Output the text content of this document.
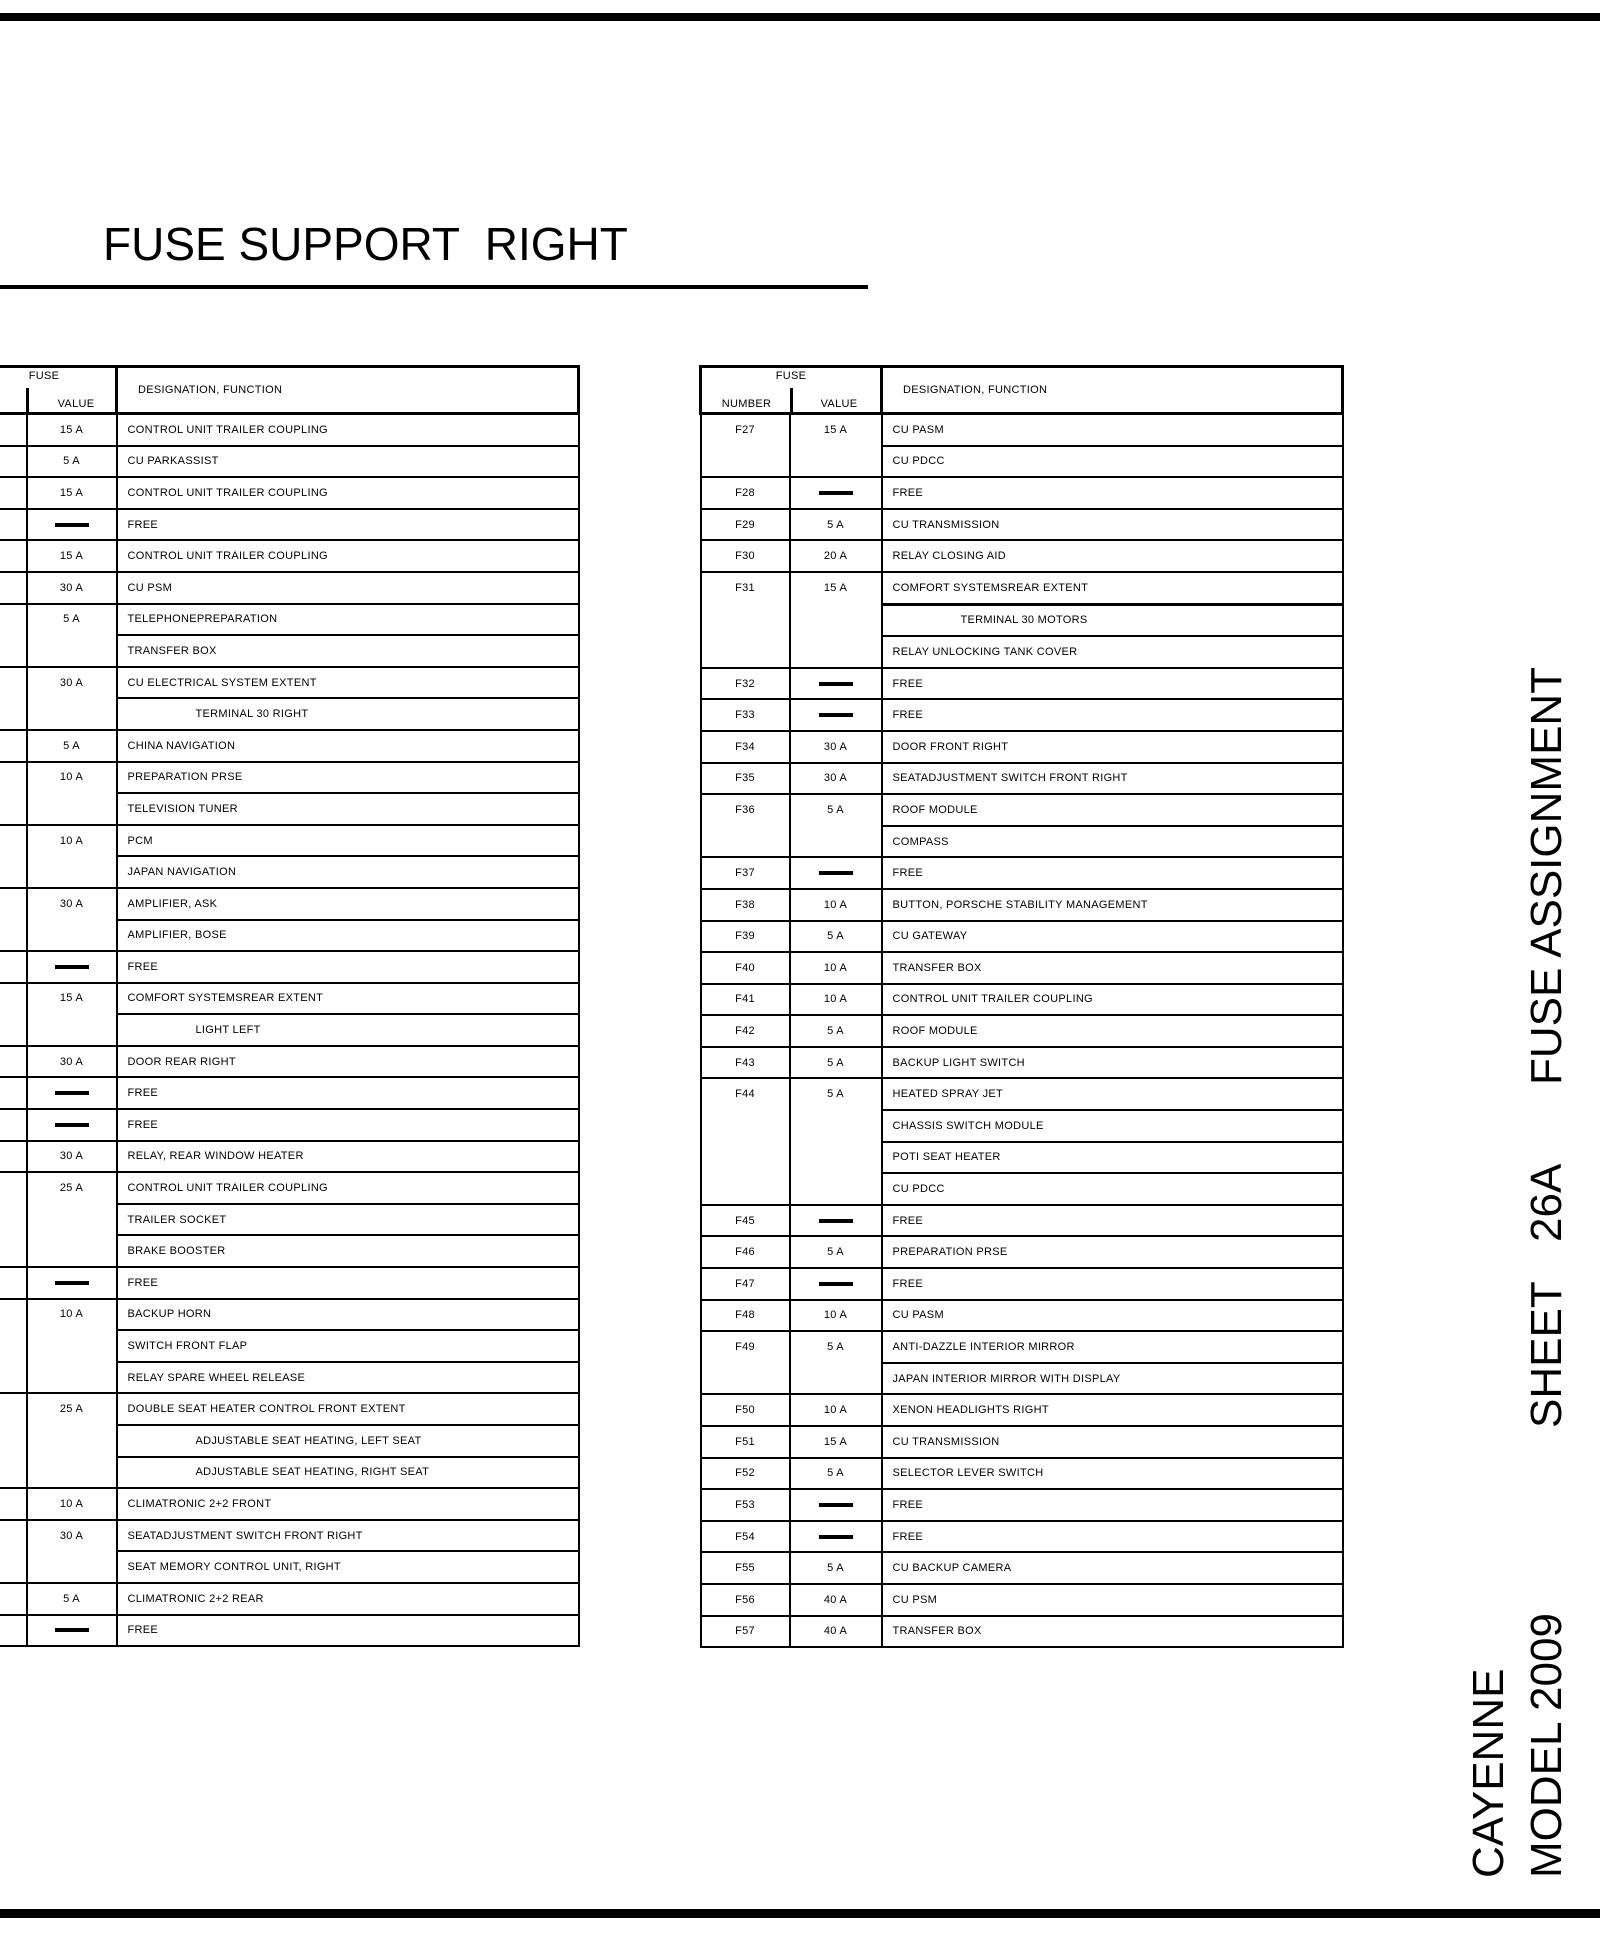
FUSE SUPPORT  RIGHT
FUSE
VALUE		DESIGNATION, FUNCTION
	15 A	CONTROL UNIT TRAILER COUPLING
	5 A	CU PARKASSIST
	15 A	CONTROL UNIT TRAILER COUPLING
		FREE
	15 A	CONTROL UNIT TRAILER COUPLING
	30 A	CU PSM
	5 A	TELEPHONEPREPARATION
		TRANSFER BOX
	30 A	CU ELECTRICAL SYSTEM EXTENT
		TERMINAL 30 RIGHT
	5 A	CHINA NAVIGATION
	10 A	PREPARATION PRSE
		TELEVISION TUNER
	10 A	PCM
		JAPAN NAVIGATION
	30 A	AMPLIFIER, ASK
		AMPLIFIER, BOSE
		FREE
	15 A	COMFORT SYSTEMSREAR EXTENT
		LIGHT LEFT
	30 A	DOOR REAR RIGHT
		FREE
		FREE
	30 A	RELAY, REAR WINDOW HEATER
	25 A	CONTROL UNIT TRAILER COUPLING
		TRAILER SOCKET
		BRAKE BOOSTER
		FREE
	10 A	BACKUP HORN
		SWITCH FRONT FLAP
		RELAY SPARE WHEEL RELEASE
	25 A	DOUBLE SEAT HEATER CONTROL FRONT EXTENT
		ADJUSTABLE SEAT HEATING, LEFT SEAT
		ADJUSTABLE SEAT HEATING, RIGHT SEAT
	10 A	CLIMATRONIC 2+2 FRONT
	30 A	SEATADJUSTMENT SWITCH FRONT RIGHT
		SEAT MEMORY CONTROL UNIT, RIGHT
	5 A	CLIMATRONIC 2+2 REAR
		FREE
FUSE
NUMBER VALUE		DESIGNATION, FUNCTION
F27	15 A	CU PASM
		CU PDCC
F28		FREE
F29	5 A	CU TRANSMISSION
F30	20 A	RELAY CLOSING AID
F31	15 A	COMFORT SYSTEMSREAR EXTENT
		TERMINAL 30 MOTORS
		RELAY UNLOCKING TANK COVER
F32		FREE
F33		FREE
F34	30 A	DOOR FRONT RIGHT
F35	30 A	SEATADJUSTMENT SWITCH FRONT RIGHT
F36	5 A	ROOF MODULE
		COMPASS
F37		FREE
F38	10 A	BUTTON, PORSCHE STABILITY MANAGEMENT
F39	5 A	CU GATEWAY
F40	10 A	TRANSFER BOX
F41	10 A	CONTROL UNIT TRAILER COUPLING
F42	5 A	ROOF MODULE
F43	5 A	BACKUP LIGHT SWITCH
F44	5 A	HEATED SPRAY JET
		CHASSIS SWITCH MODULE
		POTI SEAT HEATER
		CU PDCC
F45		FREE
F46	5 A	PREPARATION PRSE
F47		FREE
F48	10 A	CU PASM
F49	5 A	ANTI-DAZZLE INTERIOR MIRROR
		JAPAN INTERIOR MIRROR WITH DISPLAY
F50	10 A	XENON HEADLIGHTS RIGHT
F51	15 A	CU TRANSMISSION
F52	5 A	SELECTOR LEVER SWITCH
F53		FREE
F54		FREE
F55	5 A	CU BACKUP CAMERA
F56	40 A	CU PSM
F57	40 A	TRANSFER BOX
FUSE ASSIGNMENT
26A
SHEET
CAYENNE MODEL 2009
